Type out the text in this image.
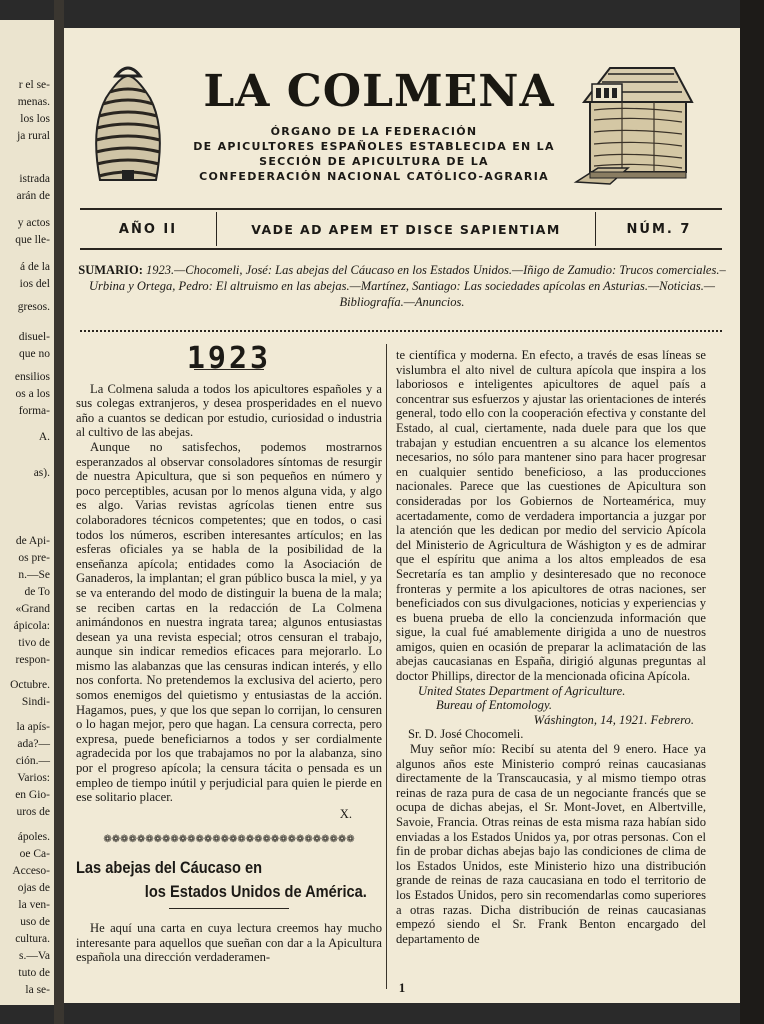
r el se-
menas.
los los
ja rural
istrada
arán de
y actos
que lle-
á de la
ios del
gresos.
disuel-
que no
ensilios
os a los
forma-
A.
as).
de Api-
os pre-
n.—Se
de To
«Grand
ápicola:
tivo de
respon-
Octubre.
Sindi-
la apís-
ada?—
ción.—
Varios:
en Gio-
uros de
ápoles.
oe Ca-
Acceso-
ojas de
la ven-
uso de
cultura.
s.—Va
tuto de
la se-
LA COLMENA
ÓRGANO DE LA FEDERACIÓN
DE APICULTORES ESPAÑOLES ESTABLECIDA EN LA
SECCIÓN DE APICULTURA DE LA
CONFEDERACIÓN NACIONAL CATÓLICO-AGRARIA
AÑO II	VADE AD APEM ET DISCE SAPIENTIAM	NÚM. 7
SUMARIO: 1923.—Chocomeli, José: Las abejas del Cáucaso en los Estados Unidos.—Iñigo de Zamudio: Trucos comerciales.– Urbina y Ortega, Pedro: El altruismo en las abejas.—Martínez, Santiago: Las sociedades apícolas en Asturias.—Noticias.—Bibliografía.—Anuncios.
1923

La Colmena saluda a todos los apicultores españoles y a sus colegas extranjeros, y desea prosperidades en el nuevo año a cuantos se dedican por estudio, curiosidad o industria al cultivo de las abejas.

Aunque no satisfechos, podemos mostrarnos esperanzados al observar consoladores síntomas de resurgir de nuestra Apicultura, que si son pequeños en número y poco perceptibles, acusan por lo menos alguna vida, y algo es algo. Varias revistas agrícolas tienen entre sus colaboradores técnicos competentes; que en todos, o casi todos los números, escriben interesantes artículos; en las esferas oficiales ya se habla de la posibilidad de la enseñanza apícola; entidades como la Asociación de Ganaderos, la implantan; el gran público busca la miel, y ya se va enterando del modo de distinguir la buena de la mala; se reciben cartas en la redacción de La Colmena animándonos en nuestra ingrata tarea; algunos entusiastas desean ya una revista especial; otros censuran el trabajo, aunque sin indicar remedios eficaces para mejorarlo. Lo mismo las alabanzas que las censuras indican interés, y ello nos conforta. No pretendemos la exclusiva del acierto, pero somos enemigos del quietismo y entusiastas de la acción. Hagamos, pues, y que los que sepan lo corrijan, lo censuren o lo hagan mejor, pero que hagan. La censura correcta, pero expresa, puede beneficiarnos a todos y ser cordialmente agradecida por los que trabajamos no por la alabanza, sino por el progreso apícola; la censura tácita o pensada es un empleo de tiempo inútil y perjudicial para quien le pierde en ese solitario placer.

X.
❁❁❁❁❁❁❁❁❁❁❁❁❁❁❁❁❁❁❁❁❁❁❁❁❁❁❁❁❁❁
Las abejas del Cáucaso en
los Estados Unidos de América.

He aquí una carta en cuya lectura creemos hay mucho interesante para aquellos que sueñan con dar a la Apicultura española una dirección verdaderamen-

te científica y moderna. En efecto, a través de esas líneas se vislumbra el alto nivel de cultura apícola que inspira a los laboriosos e inteligentes apicultores de aquel país a concentrar sus esfuerzos y ajustar las orientaciones de interés general, todo ello con la cooperación efectiva y constante del Estado, al cual, ciertamente, nada duele para que los que trabajan y estudian encuentren a su alcance los elementos necesarios, no sólo para mantener sino para hacer progresar en cualquier sentido beneficioso, a las producciones nacionales. Parece que las cuestiones de Apicultura son consideradas por los Gobiernos de Norteamérica, muy acertadamente, como de verdadera importancia a juzgar por la atención que les dedican por medio del servicio Apícola del Ministerio de Agricultura de Wáshigton y es de admirar que el espíritu que anima a los altos empleados de esa Secretaría es tan amplio y desinteresado que no reconoce fronteras y permite a los apicultores de otras naciones, ser beneficiados con sus divulgaciones, noticias y experiencias y es buena prueba de ello la concienzuda información que sigue, la cual fué amablemente dirigida a uno de nuestros amigos, quien en ocasión de preparar la aclimatación de las abejas caucasianas en España, dirigió algunas preguntas al doctor Phillips, director de la mencionada oficina Apícola.

United States Department of Agriculture.
Bureau of Entomology.
Wáshington, 14, 1921. Febrero.
Sr. D. José Chocomeli.

Muy señor mío: Recibí su atenta del 9 enero. Hace ya algunos años este Ministerio compró reinas caucasianas directamente de la Transcaucasia, y al mismo tiempo otras reinas de raza pura de casa de un negociante francés que se ocupa de dichas abejas, el Sr. Mont-Jovet, en Albertville, Savoie, Francia. Otras reinas de esta misma raza habían sido enviadas a los Estados Unidos ya, por otras personas. Con el fin de probar dichas abejas bajo las condiciones de clima de los Estados Unidos, este Ministerio hizo una distribución grande de reinas de raza caucasiana en todo el territorio de los Estados Unidos, pero sin recomendarlas como superiores a otras razas. Dicha distribución de reinas caucasianas empezó siendo el Sr. Frank Benton encargado del departamento de

1
